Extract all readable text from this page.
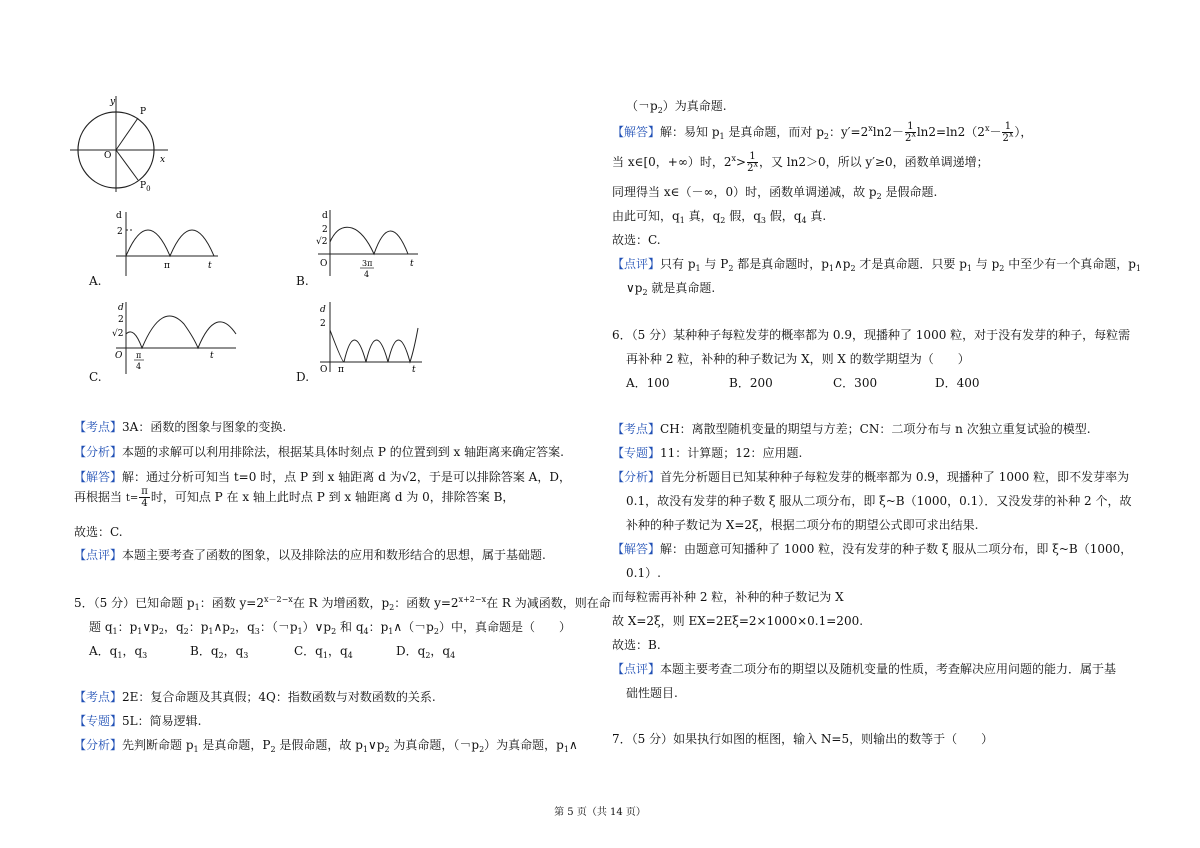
y
P
O	x
$P_0$
d
2
π	t
A.
d
2
√2
O	3π
4
t
B.
d
2
√2
O π
4
t
C.
d
2
O π	t
D.
【考点】3A：函数的图象与图象的变换.
【分析】本题的求解可以利用排除法，根据某具体时刻点 P 的位置到到 x 轴距离来确定答案.
【解答】解：通过分析可知当 t=0 时，点 P 到 x 轴距离 d 为√2，于是可以排除答案 A，D，
再根据当 $t= \frac{\pi}{4}$ 时，可知点 P 在 x 轴上此时点 P 到 x 轴距离 d 为 0，排除答案 B，
故选：C.
【点评】本题主要考查了函数的图象，以及排除法的应用和数形结合的思想，属于基础题.
5．（5 分）已知命题 $p_1$：函数 $y=2^{x-2-x}$在 R 为增函数，$p_2$：函数 $y=2^{x+2-x}$在 R 为减函数，则在命
题 $q_1$：$p_1\vee p_2$，$q_2$：$p_1\wedge p_2$，$q_3$：（￢$p_1)\vee p_2$ 和 $q_4$：$p_1\wedge$（￢$p_2$）中，真命题是（　　）
A．$q_1$，$q_3$	B．$q_2$，$q_3$	C．$q_1$，$q_4$	D．$q_2$，$q_4$
【考点】2E：复合命题及其真假；4Q：指数函数与对数函数的关系.
【专题】5L：简易逻辑.
【分析】先判断命题 $p_1$ 是真命题，$P_2$ 是假命题，故 $p_1\vee p_2$ 为真命题，（￢$p_2$）为真命题，$p_1\wedge$
（￢$p_2$）为真命题.
【解答】解：易知 $p_1$ 是真命题，而对 $p_2$：$y'=2^x\ln 2- \frac{1}{2^x} \ln 2=\ln 2(2^x- \frac{1}{2^x}$ ），
当 x∈[0，+∞）时，$2^x> \frac{1}{2^x}$ ，又 ln2＞0，所以 y′≥0，函数单调递增；
同理得当 x∈（－∞，0）时，函数单调递减，故 $p_2$ 是假命题.
由此可知，$q_1$ 真，$q_2$ 假，$q_3$ 假，$q_4$ 真.
故选：C.
【点评】只有 $p_1$ 与 $P_2$ 都是真命题时，$p_1\wedge p_2$ 才是真命题．只要 $p_1$ 与 $p_2$ 中至少有一个真命题，$p_1$
$\vee p_2$ 就是真命题.
6．（5 分）某种种子每粒发芽的概率都为 0.9，现播种了 1000 粒，对于没有发芽的种子，每粒需
再补种 2 粒，补种的种子数记为 X，则 X 的数学期望为（　　）
A．100	B．200	C．300	D．400
【考点】CH：离散型随机变量的期望与方差；CN：二项分布与 n 次独立重复试验的模型.
【专题】11：计算题；12：应用题.
【分析】首先分析题目已知某种种子每粒发芽的概率都为 0.9，现播种了 1000 粒，即不发芽率为
0.1，故没有发芽的种子数 ξ 服从二项分布，即 ξ~B（1000，0.1）．又没发芽的补种 2 个，故
补种的种子数记为 X=2ξ，根据二项分布的期望公式即可求出结果.
【解答】解：由题意可知播种了 1000 粒，没有发芽的种子数 ξ 服从二项分布，即 ξ~B（1000，
0.1）.
而每粒需再补种 2 粒，补种的种子数记为 X
故 X=2ξ，则 EX=2Eξ=2×1000×0.1=200.
故选：B.
【点评】本题主要考查二项分布的期望以及随机变量的性质，考查解决应用问题的能力．属于基
础性题目.
7．（5 分）如果执行如图的框图，输入 N=5，则输出的数等于（　　）
第 5 页（共 14 页）
